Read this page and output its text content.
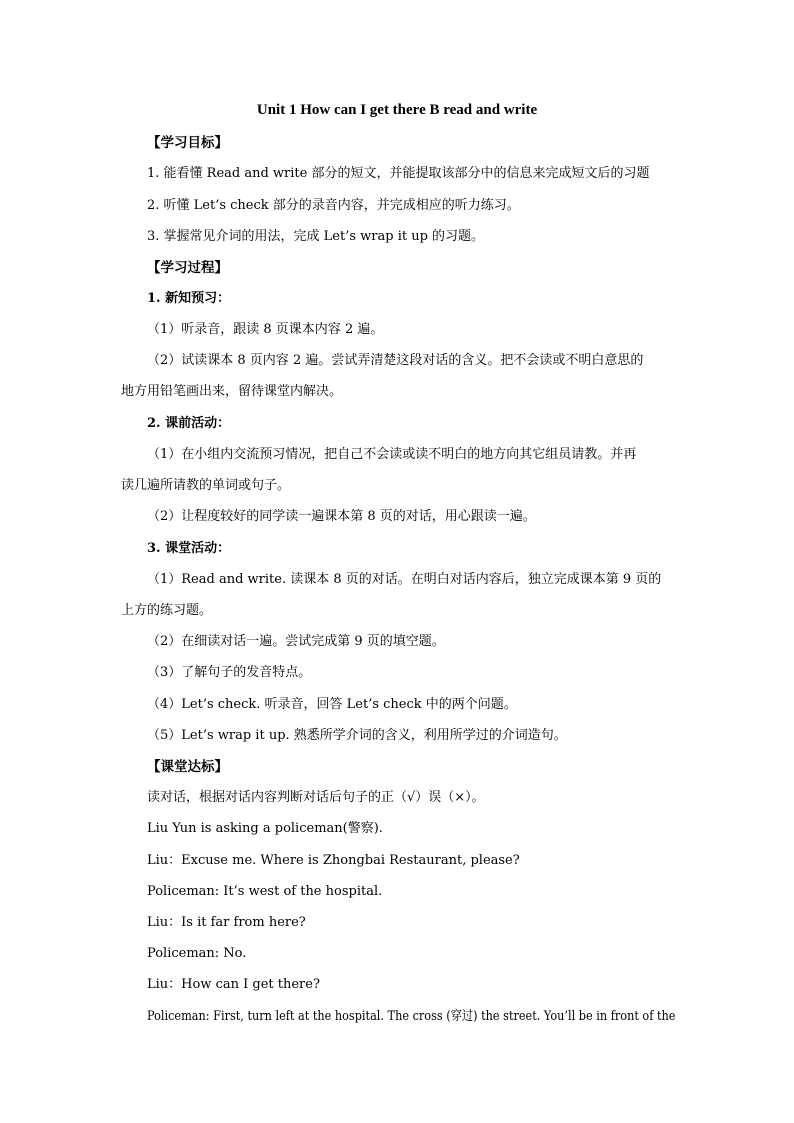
Unit 1 How can I get there B read and write
【学习目标】
1. 能看懂 Read and write 部分的短文，并能提取该部分中的信息来完成短文后的习题
2. 听懂 Let’s check 部分的录音内容，并完成相应的听力练习。
3. 掌握常见介词的用法，完成 Let’s wrap it up 的习题。
【学习过程】
1. 新知预习：
（1）听录音，跟读 8 页课本内容 2 遍。
（2）试读课本 8 页内容 2 遍。尝试弄清楚这段对话的含义。把不会读或不明白意思的
地方用铅笔画出来，留待课堂内解决。
2. 课前活动：
（1）在小组内交流预习情况，把自己不会读或读不明白的地方向其它组员请教。并再
读几遍所请教的单词或句子。
（2）让程度较好的同学读一遍课本第 8 页的对话，用心跟读一遍。
3. 课堂活动：
（1）Read and write. 读课本 8 页的对话。在明白对话内容后，独立完成课本第 9 页的
上方的练习题。
（2）在细读对话一遍。尝试完成第 9 页的填空题。
（3）了解句子的发音特点。
（4）Let’s check. 听录音，回答 Let’s check 中的两个问题。
（5）Let’s wrap it up. 熟悉所学介词的含义，利用所学过的介词造句。
【课堂达标】
读对话，根据对话内容判断对话后句子的正（√）误（×）。
Liu Yun is asking a policeman(警察).
Liu：Excuse me. Where is Zhongbai Restaurant, please?
Policeman: It’s west of the hospital.
Liu：Is it far from here?
Policeman: No.
Liu：How can I get there?
Policeman: First, turn left at the hospital. The cross (穿过) the street. You’ll be in front of the
